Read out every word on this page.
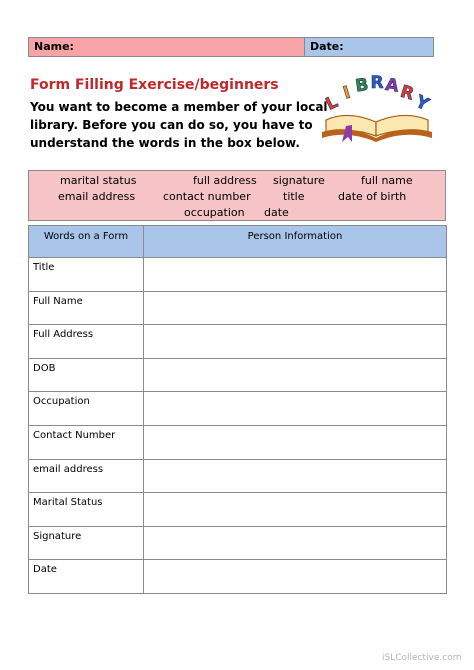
Name:	Date:
Form Filling Exercise/beginners
You want to become a member of your local
library. Before you can do so, you have to
understand the words in the box below.
L I B R A
R
Y
marital status	full address signature	full name
email address	contact number	title	date of birth
occupation date
Words on a Form	Person Information
Title	
Full Name	
Full Address	
DOB	
Occupation	
Contact Number	
email address	
Marital Status	
Signature	
Date	
iSLCollective.com
